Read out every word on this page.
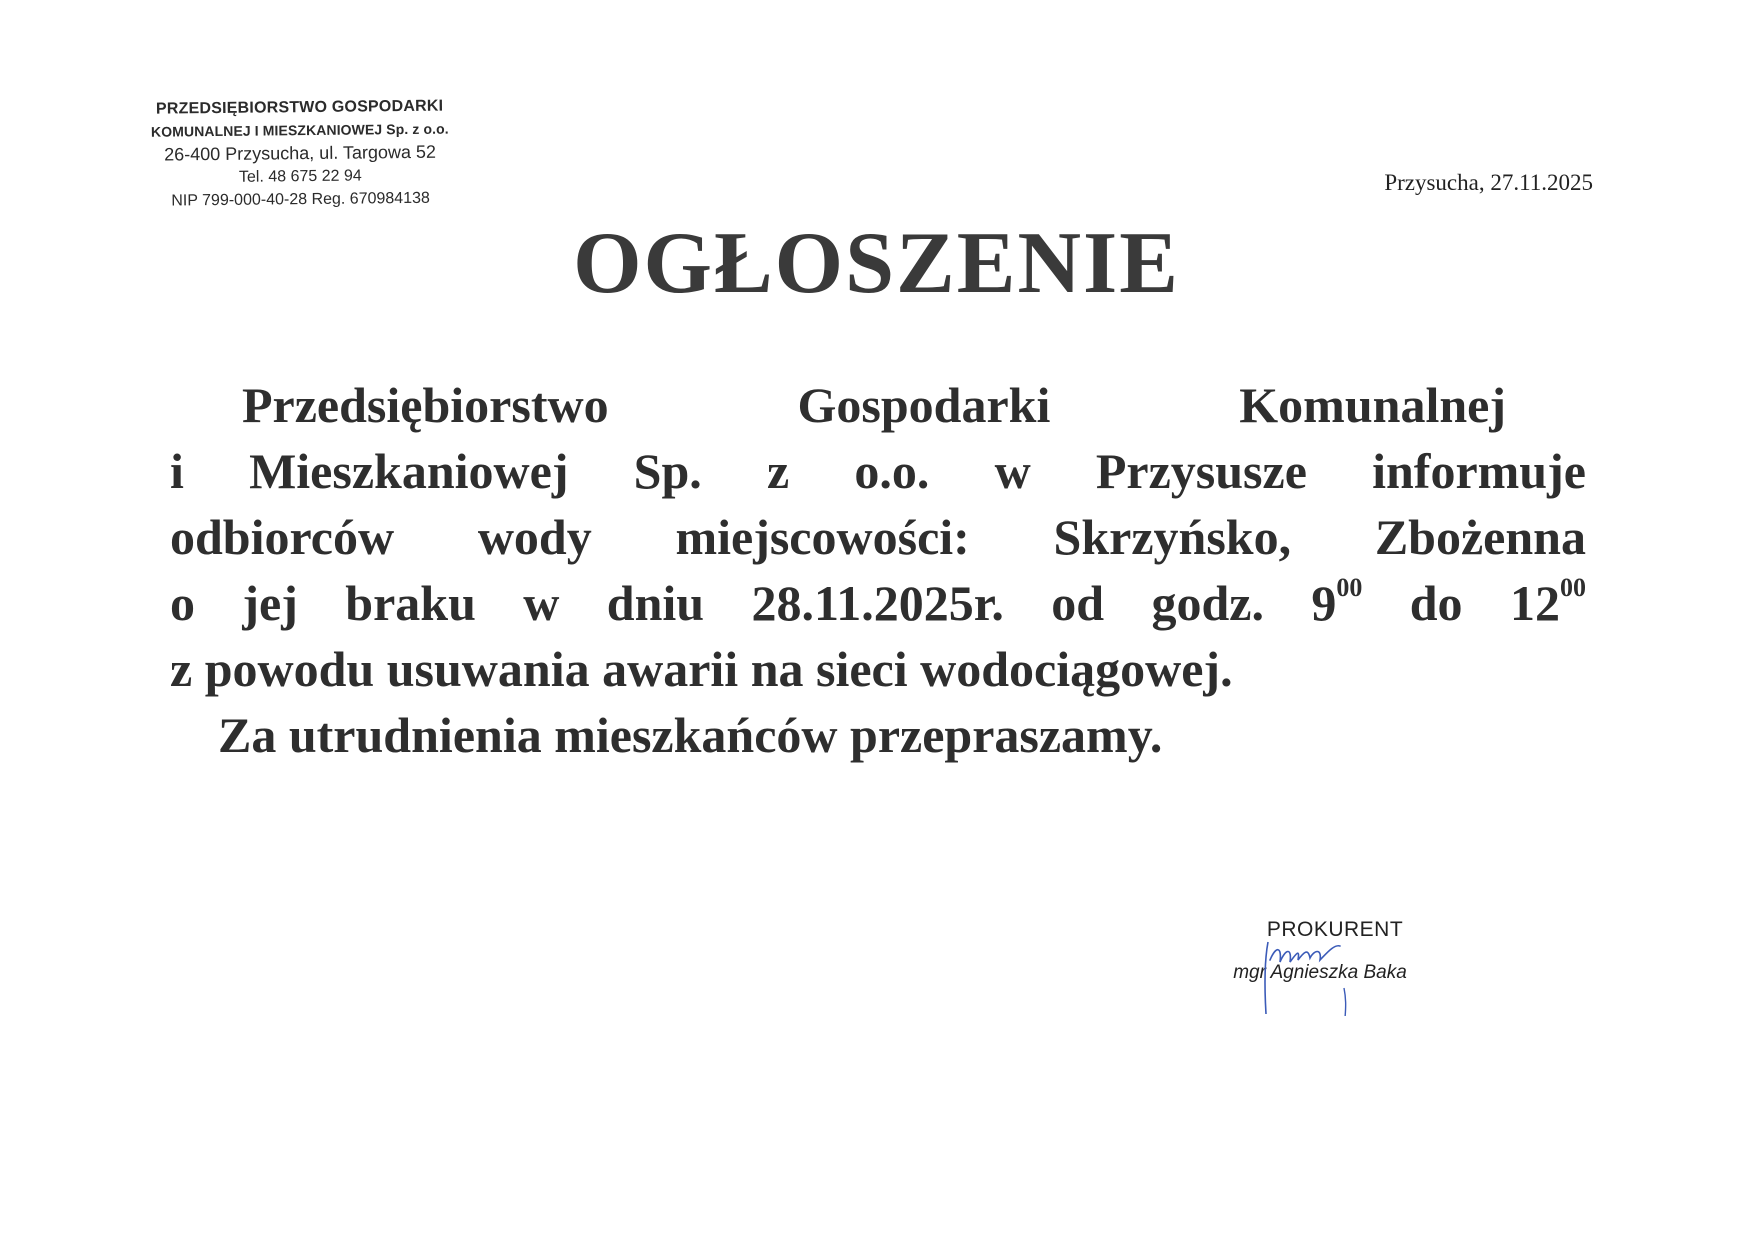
PRZEDSIĘBIORSTWO GOSPODARKI
KOMUNALNEJ I MIESZKANIOWEJ Sp. z o.o.
26-400 Przysucha, ul. Targowa 52
Tel. 48 675 22 94
NIP 799-000-40-28 Reg. 670984138
Przysucha, 27.11.2025
OGŁOSZENIE
Przedsiębiorstwo	Gospodarki	Komunalnej
i Mieszkaniowej Sp. z o.o. w Przysusze informuje
odbiorców wody miejscowości: Skrzyńsko, Zbożenna
o jej braku w dniu 28.11.2025r. od godz. $9^{00}$ do $12^{00}$
z powodu usuwania awarii na sieci wodociągowej.
Za utrudnienia mieszkańców przepraszamy.
PROKURENT
mgr Agnieszka Baka
